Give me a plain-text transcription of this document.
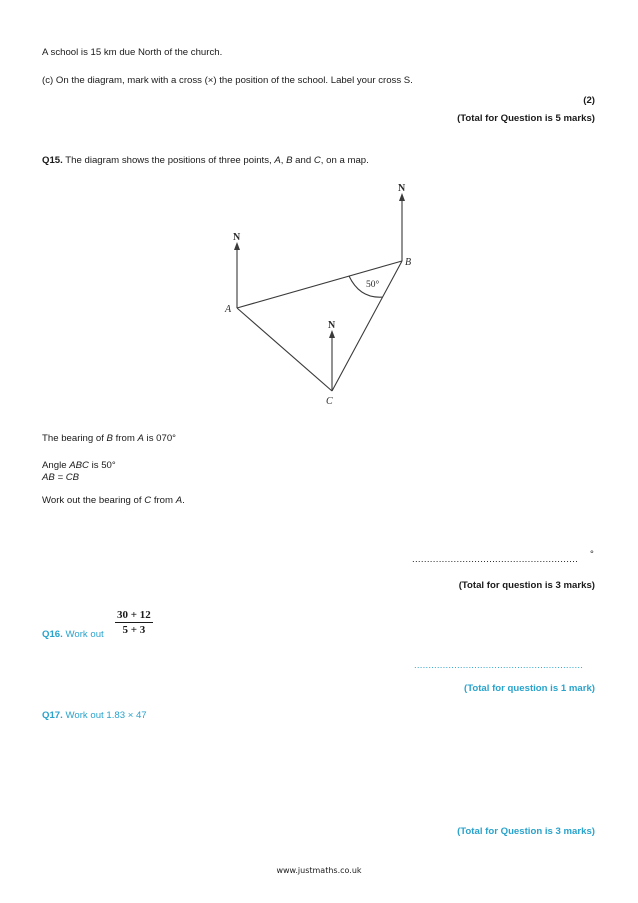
A school is 15 km due North of the church.
(c) On the diagram, mark with a cross (×) the position of the school. Label your cross S.
(2)
(Total for Question is 5 marks)
Q15. The diagram shows the positions of three points, A, B and C, on a map.
N
N
N
A
B
C
50°
The bearing of B from A is 070°
Angle ABC is 50°
AB = CB
Work out the bearing of C from A.
........................................................ °
(Total for question is 3 marks)
Q16. Work out $\frac{30 + 12}{5 + 3}$
...........................................................
(Total for question is 1 mark)
Q17. Work out 1.83 × 47
(Total for Question is 3 marks)
www.justmaths.co.uk
